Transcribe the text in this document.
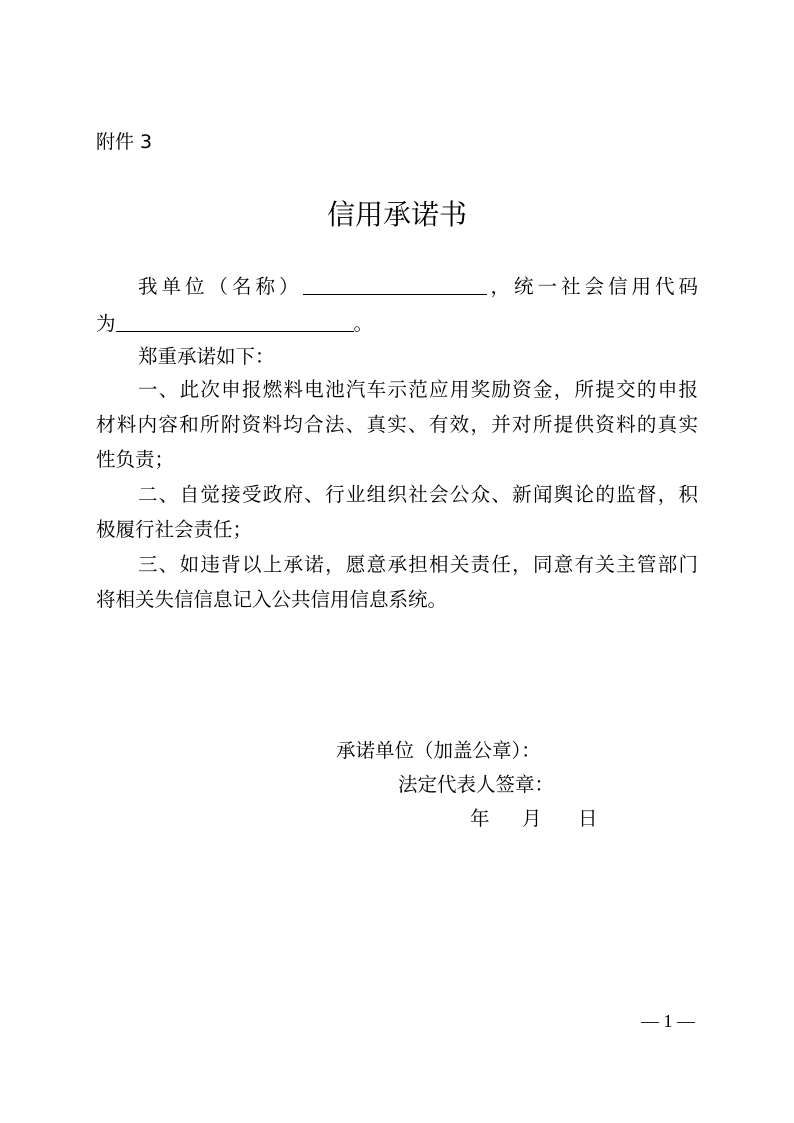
附件 3
信用承诺书
我单位（名称）	，统一社会信用代码
为	。
郑重承诺如下：
一、此次申报燃料电池汽车示范应用奖励资金，所提交的申报
材料内容和所附资料均合法、真实、有效，并对所提供资料的真实
性负责；
二、自觉接受政府、行业组织社会公众、新闻舆论的监督，积
极履行社会责任；
三、如违背以上承诺，愿意承担相关责任，同意有关主管部门
将相关失信信息记入公共信用信息系统。
承诺单位（加盖公章）：
法定代表人签章：
年 月 日
— 1 —
